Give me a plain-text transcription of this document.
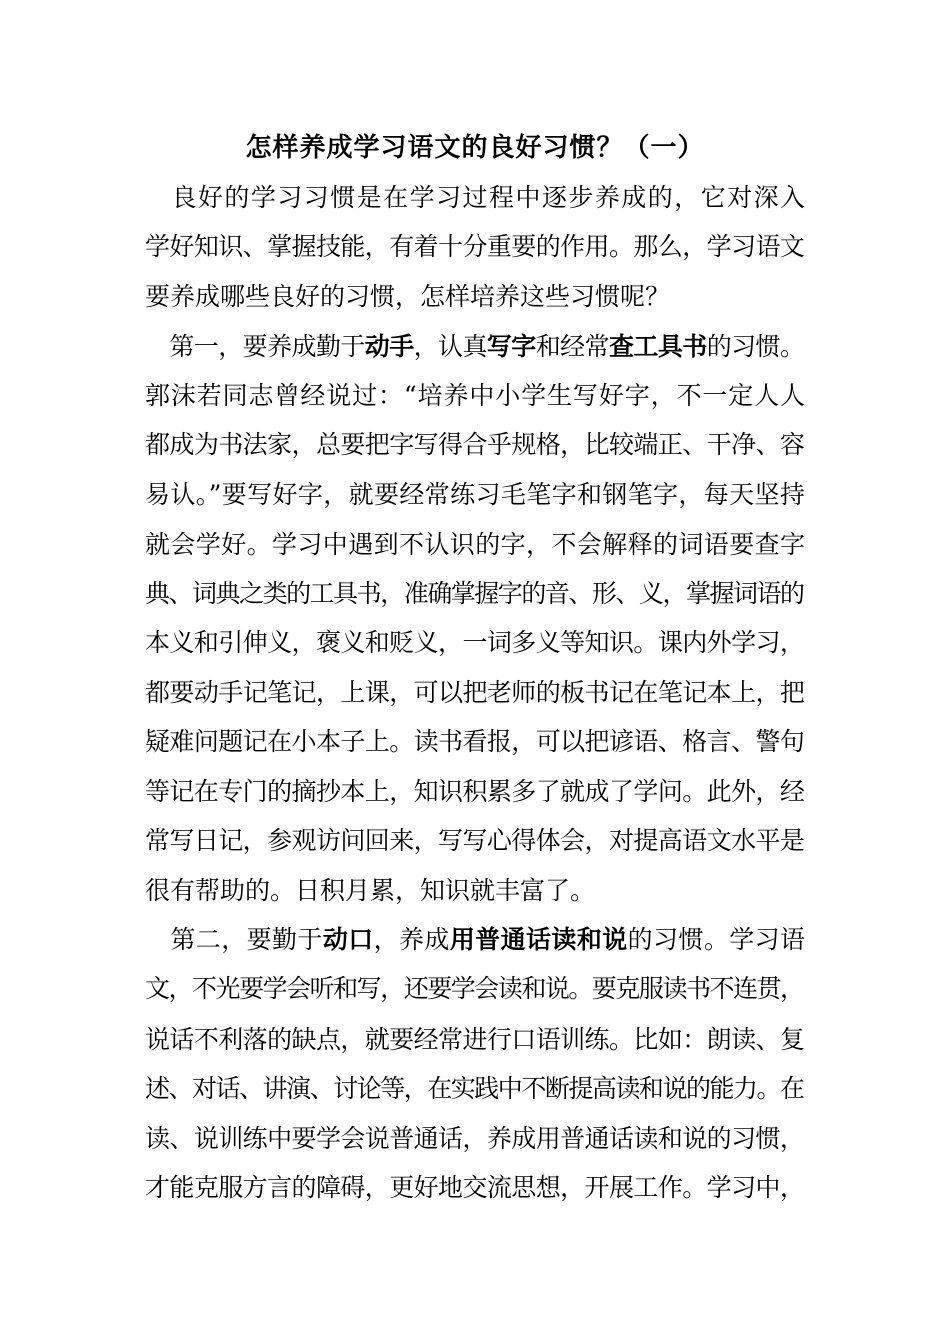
怎样养成学习语文的良好习惯？（一）
　良好的学习习惯是在学习过程中逐步养成的，它对深入
学好知识、掌握技能，有着十分重要的作用。那么，学习语文
要养成哪些良好的习惯，怎样培养这些习惯呢？
　第一，要养成勤于动手，认真写字和经常查工具书的习惯。
郭沫若同志曾经说过：“培养中小学生写好字，不一定人人
都成为书法家，总要把字写得合乎规格，比较端正、干净、容
易认。”要写好字，就要经常练习毛笔字和钢笔字，每天坚持
就会学好。学习中遇到不认识的字，不会解释的词语要查字
典、词典之类的工具书，准确掌握字的音、形、义，掌握词语的
本义和引伸义，褒义和贬义，一词多义等知识。课内外学习，
都要动手记笔记，上课，可以把老师的板书记在笔记本上，把
疑难问题记在小本子上。读书看报，可以把谚语、格言、警句
等记在专门的摘抄本上，知识积累多了就成了学问。此外，经
常写日记，参观访问回来，写写心得体会，对提高语文水平是
很有帮助的。日积月累，知识就丰富了。
　第二，要勤于动口，养成用普通话读和说的习惯。学习语
文，不光要学会听和写，还要学会读和说。要克服读书不连贯，
说话不利落的缺点，就要经常进行口语训练。比如：朗读、复
述、对话、讲演、讨论等，在实践中不断提高读和说的能力。在
读、说训练中要学会说普通话，养成用普通话读和说的习惯，
才能克服方言的障碍，更好地交流思想，开展工作。学习中，
